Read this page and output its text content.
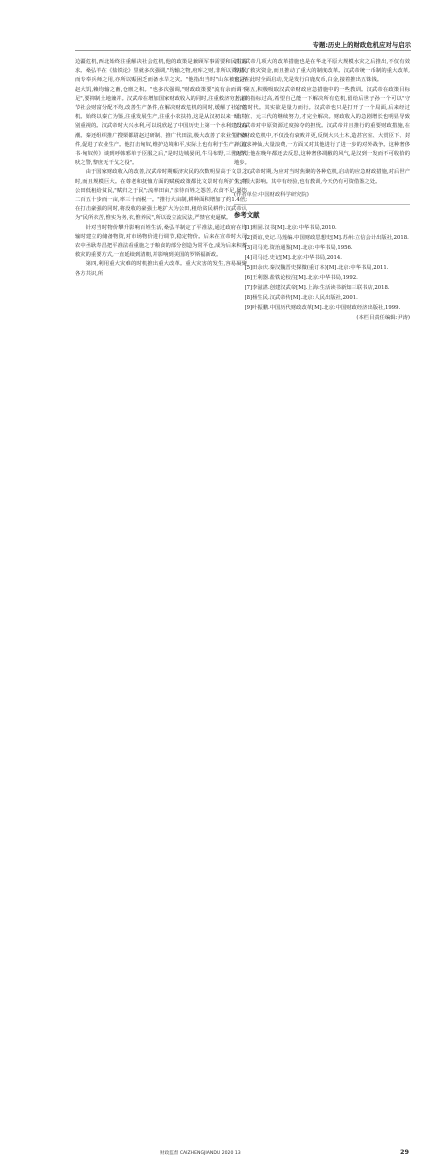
专题:历史上的财政危机应对与启示

边疆危机,西北始终注重解决社会危机,他的政策是兼顾军事需要和民生需求。桑弘羊在《盐铁论》里就多次强调,"均输之物,府库之财,非所以贾万民而专奉兵师之用,亦所以赈困乏而备水旱之灾。"他指出当时"山东被灾,齐赵大饥,赖均输之畜,仓廪之积。"也多次强调,"财政政策要"流有余而调不足",要抑制土地兼并。汉武帝在增加国家财政收入的同时,注重救济穷苦,调节社会财富分配不均,改善生产条件,在解决财政危机的同时,缓解了社会危机。始终以秦亡为鉴,注重发展生产,注重小农扶持,这是从汉初以来一直特别重视的。汉武帝时大兴水利,可以说欣起了中国历史上第一个水利建设高潮。秦还组织推广搜栗都尉赵过研制、推广代田法,极大改善了农业生产条件,促进了农业生产。他打击匈奴,维护边境和平,实际上也有利于生产。《汉书·匈奴传》谈到呼韩邪单于臣服之后,"是时边城晏闭,牛马布野,三世无犬吠之警,黎庶无干戈之役"。

由于国家财政收入的改善,汉武帝时期赈济灾民的次数明显高于文景之时,而且规模巨大。在尊老和抚恤方面的赋税政策都比文景时有所扩大;将公田低租给贫民,"赋归之于民";流率田亩,"亲待百姓之怨苦,衣食不足,屡饬二百五十步而一亩,率三十而税一。"推行大亩制,耕种面积增加了约1.4倍;在打击豪强的同时,将没收的豪强土地扩大为公田,租给贫民耕作;汉武帝认为"民所衣苦,惟实为务,衣,惟养民",所以设立流民法,严禁官吏逼赋。

针对当时物价攀升影响百姓生活,桑弘羊制定了平准法,通过政府在均输时建立的储备物资,对市场物价进行调节,稳定物价。后来在宣帝时大司农中丞耿寿昌把平准法看重施之于粮食的部分创造为常平仓,成为后来积蓄救灾的重要方式,一直延续到清朝,并影响到美国的罗斯福新政。

第四,利用重大灾难的时机推出重大改革。重大灾害的发生,容易凝聚各方共识,所

以汉武帝几项大的改革措施也是在华北平原大规模水灾之后推出,不仅有效筹措了救灾资金,而且推动了重大的制度改革。汉武帝统一币制的重大改革,也是在此时全面启动,先是发行白鹿皮币,白金,接着推出五铢钱。

第五,积极吸取汉武帝财政应急措施中的一些教训。汉武帝在政策目标上定的指标过高,希望自己能一下解决所有危机,留给后世子孙一个可以"守文"的时代。其实欲是量力而行。汉武帝也只是打开了一个局面,后来经过昭、宣、元三代的继续努力,才完全解决。财政收入的急剧增长也明显导致了汉武帝对中原资源过度掠夺的担忧。汉武帝并且推行的重要财政措施,在国家财政危机中,不仅没有衰败并更,反倒大兴土木,造甚宫室、大赏臣下、封禅,追求神仙,大量浪费,一方面又对其他进行了进一步的对外战争。这种奢侈浪费让他在晚年都还去反思,这种奢侈凋敝的风气,是汉到一发而不可收拾的地步。

汉武帝时期,为应对当时焦聚的各种危机,启动的应急财政措施,对后世产生了很大影响。其中有经验,也有教训,今天仍有可资借鉴之处。

(作者单位:中国财政科学研究院)

参考文献

[1]班固.汉书[M].北京:中华书局,2010.

[2]贾谊,史记.马莲编.中国财政思想史[M].苏州:立信会计出版社,2018.

[3]司马光.资治通鉴[M].北京:中华书局,1956.

[4]司马迁.史记[M].北京:中华书局,2014.

[5]田余庆.秦汉魏晋史探微(重订本)[M].北京:中华书局,2011.

[6]王利器.盐铁论校注[M].北京:中华书局,1992.

[7]李滋湛.创建汉武帝[M].上海:生活读书新知三联书店,2018.

[8]杨生民.汉武帝传[M].北京:人民出版社,2001.

[9]叶振鹏.中国历代财政改革[M].北京:中国财政经济出版社,1999.

(本栏目责任编辑:尹涛)

财政监督 CAIZHENGJIANDU 2020 13	29
